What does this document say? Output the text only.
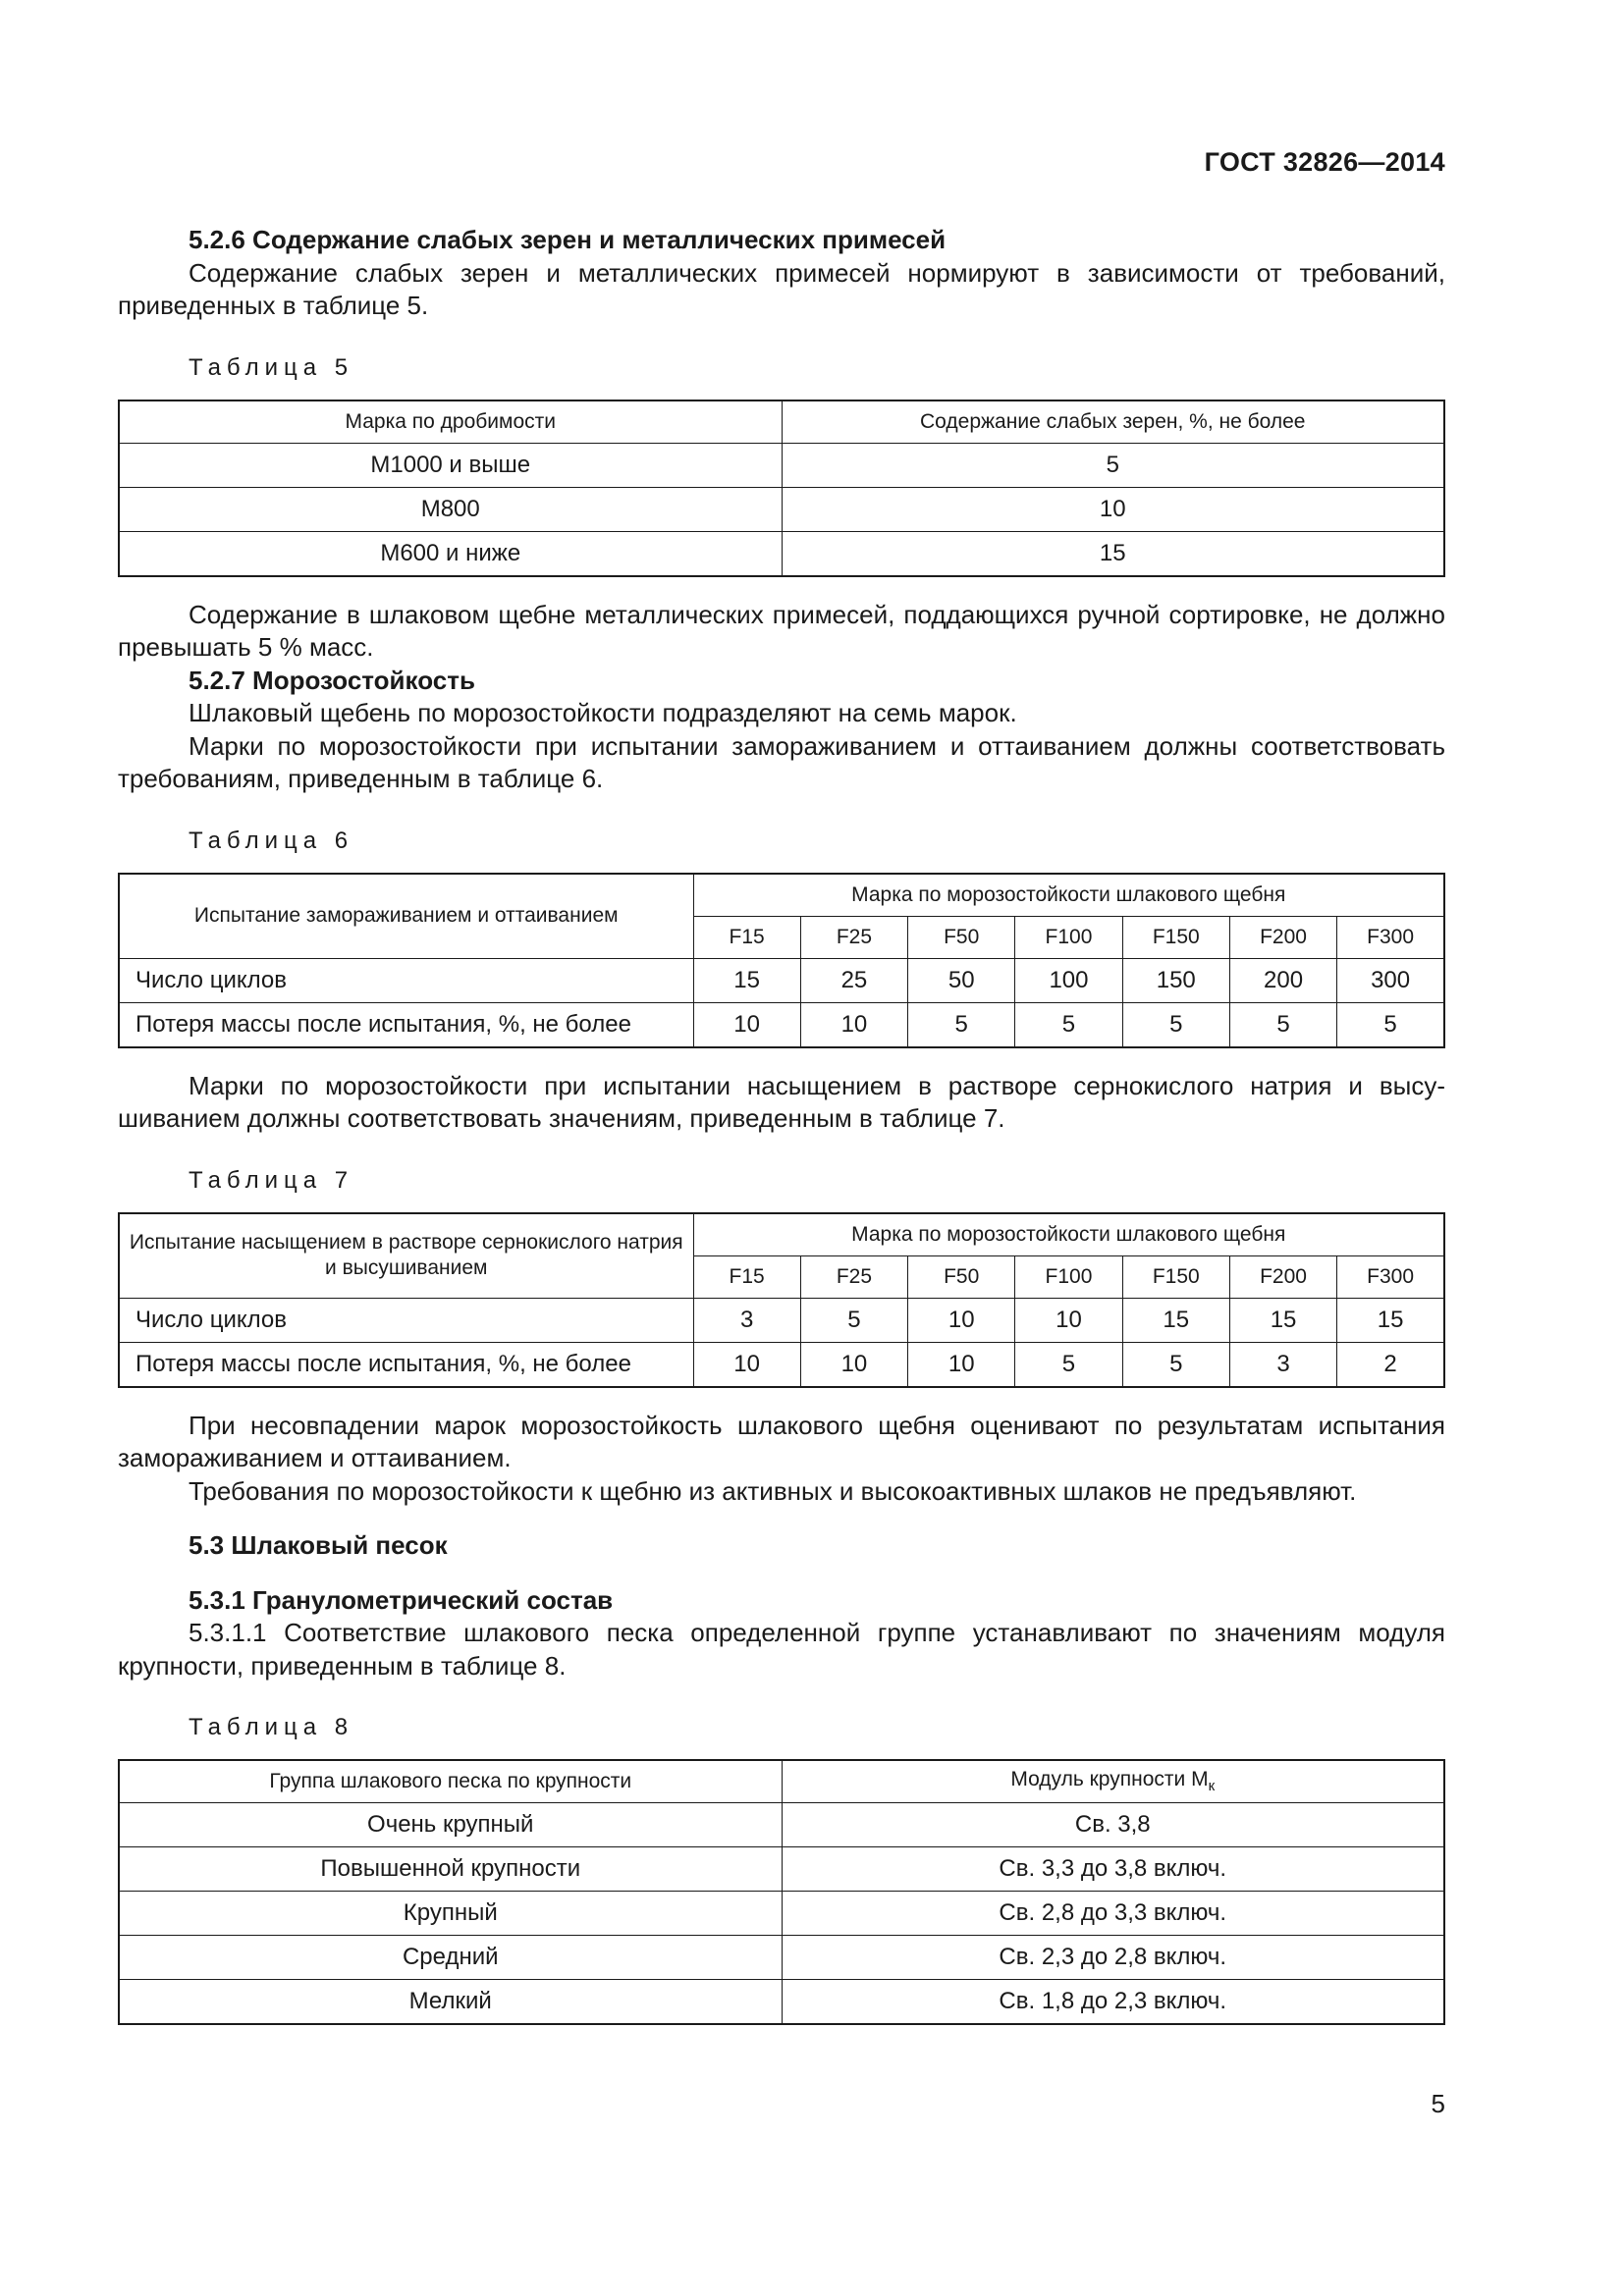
ГОСТ 32826—2014

5.2.6 Содержание слабых зерен и металлических примесей

Содержание слабых зерен и металлических примесей нормируют в зависимости от требований, приведенных в таблице 5.

Таблица 5
Марка по дробимости	Содержание слабых зерен, %, не более
М1000 и выше	5
М800	10
М600 и ниже	15

Содержание в шлаковом щебне металлических примесей, поддающихся ручной сортировке, не должно превышать 5 % масс.

5.2.7 Морозостойкость

Шлаковый щебень по морозостойкости подразделяют на семь марок.

Марки по морозостойкости при испытании замораживанием и оттаиванием должны соответствовать требованиям, приведенным в таблице 6.

Таблица 6
Испытание замораживанием и оттаиванием	Марка по морозостойкости шлакового щебня						
	F15	F25	F50	F100	F150	F200	F300
Число циклов	15	25	50	100	150	200	300
Потеря массы после испытания, %, не более	10	10	5	5	5	5	5

Марки по морозостойкости при испытании насыщением в растворе сернокислого натрия и высушиванием должны соответствовать значениям, приведенным в таблице 7.

Таблица 7
Испытание насыщением в растворе сернокислого натрия и высушиванием	Марка по морозостойкости шлакового щебня						
	F15	F25	F50	F100	F150	F200	F300
Число циклов	3	5	10	10	15	15	15
Потеря массы после испытания, %, не более	10	10	10	5	5	3	2

При несовпадении марок морозостойкость шлакового щебня оценивают по результатам испытания замораживанием и оттаиванием.

Требования по морозостойкости к щебню из активных и высокоактивных шлаков не предъявляют.

5.3 Шлаковый песок

5.3.1 Гранулометрический состав

5.3.1.1 Соответствие шлакового песка определенной группе устанавливают по значениям модуля крупности, приведенным в таблице 8.

Таблица 8
Группа шлакового песка по крупности	Модуль крупности $М_к$
Очень крупный	Св. 3,8
Повышенной крупности	Св. 3,3 до 3,8 включ.
Крупный	Св. 2,8 до 3,3 включ.
Средний	Св. 2,3 до 2,8 включ.
Мелкий	Св. 1,8 до 2,3 включ.
5
